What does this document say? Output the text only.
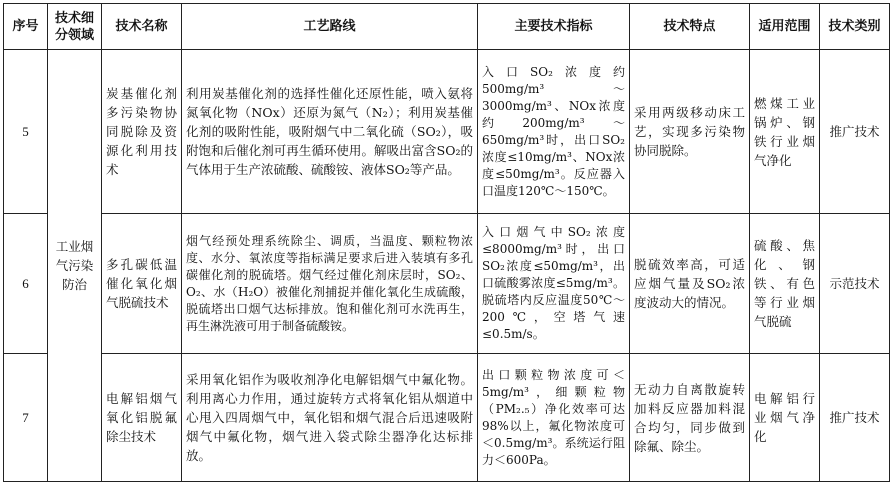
序号	技术细分领域	技术名称	工艺路线	主要技术指标	技术特点	适用范围	技术类别
5	工业烟气污染防治	炭基催化剂多污染物协同脱除及资源化利用技术	利用炭基催化剂的选择性催化还原性能，喷入氨将氮氧化物（NOx）还原为氮气（N₂）；利用炭基催化剂的吸附性能，吸附烟气中二氧化硫（SO₂），吸附饱和后催化剂可再生循环使用。解吸出富含SO₂的气体用于生产浓硫酸、硫酸铵、液体SO₂等产品。	入口SO₂浓度约500mg/m³～3000mg/m³、NOx浓度约200mg/m³～650mg/m³时，出口SO₂浓度≤10mg/m³、NOx浓度≤50mg/m³。反应器入口温度120℃～150℃。	采用两级移动床工艺，实现多污染物协同脱除。	燃煤工业锅炉、钢铁行业烟气净化	推广技术
6		多孔碳低温催化氧化烟气脱硫技术	烟气经预处理系统除尘、调质，当温度、颗粒物浓度、水分、氧浓度等指标满足要求后进入装填有多孔碳催化剂的脱硫塔。烟气经过催化剂床层时，SO₂、O₂、水（H₂O）被催化剂捕捉并催化氧化生成硫酸，脱硫塔出口烟气达标排放。饱和催化剂可水洗再生，再生淋洗液可用于制备硫酸铵。	入口烟气中SO₂浓度≤8000mg/m³时，出口SO₂浓度≤50mg/m³，出口硫酸雾浓度≤5mg/m³。脱硫塔内反应温度50℃～200℃，空塔气速≤0.5m/s。	脱硫效率高，可适应烟气量及SO₂浓度波动大的情况。	硫酸、焦化、钢铁、有色等行业烟气脱硫	示范技术
7		电解铝烟气氧化铝脱氟除尘技术	采用氧化铝作为吸收剂净化电解铝烟气中氟化物。利用离心力作用，通过旋转方式将氧化铝从烟道中心甩入四周烟气中，氧化铝和烟气混合后迅速吸附烟气中氟化物，烟气进入袋式除尘器净化达标排放。	出口颗粒物浓度可＜5mg/m³，细颗粒物（PM₂.₅）净化效率可达98%以上，氟化物浓度可＜0.5mg/m³。系统运行阻力＜600Pa。	无动力自离散旋转加料反应器加料混合均匀，同步做到除氟、除尘。	电解铝行业烟气净化	推广技术
